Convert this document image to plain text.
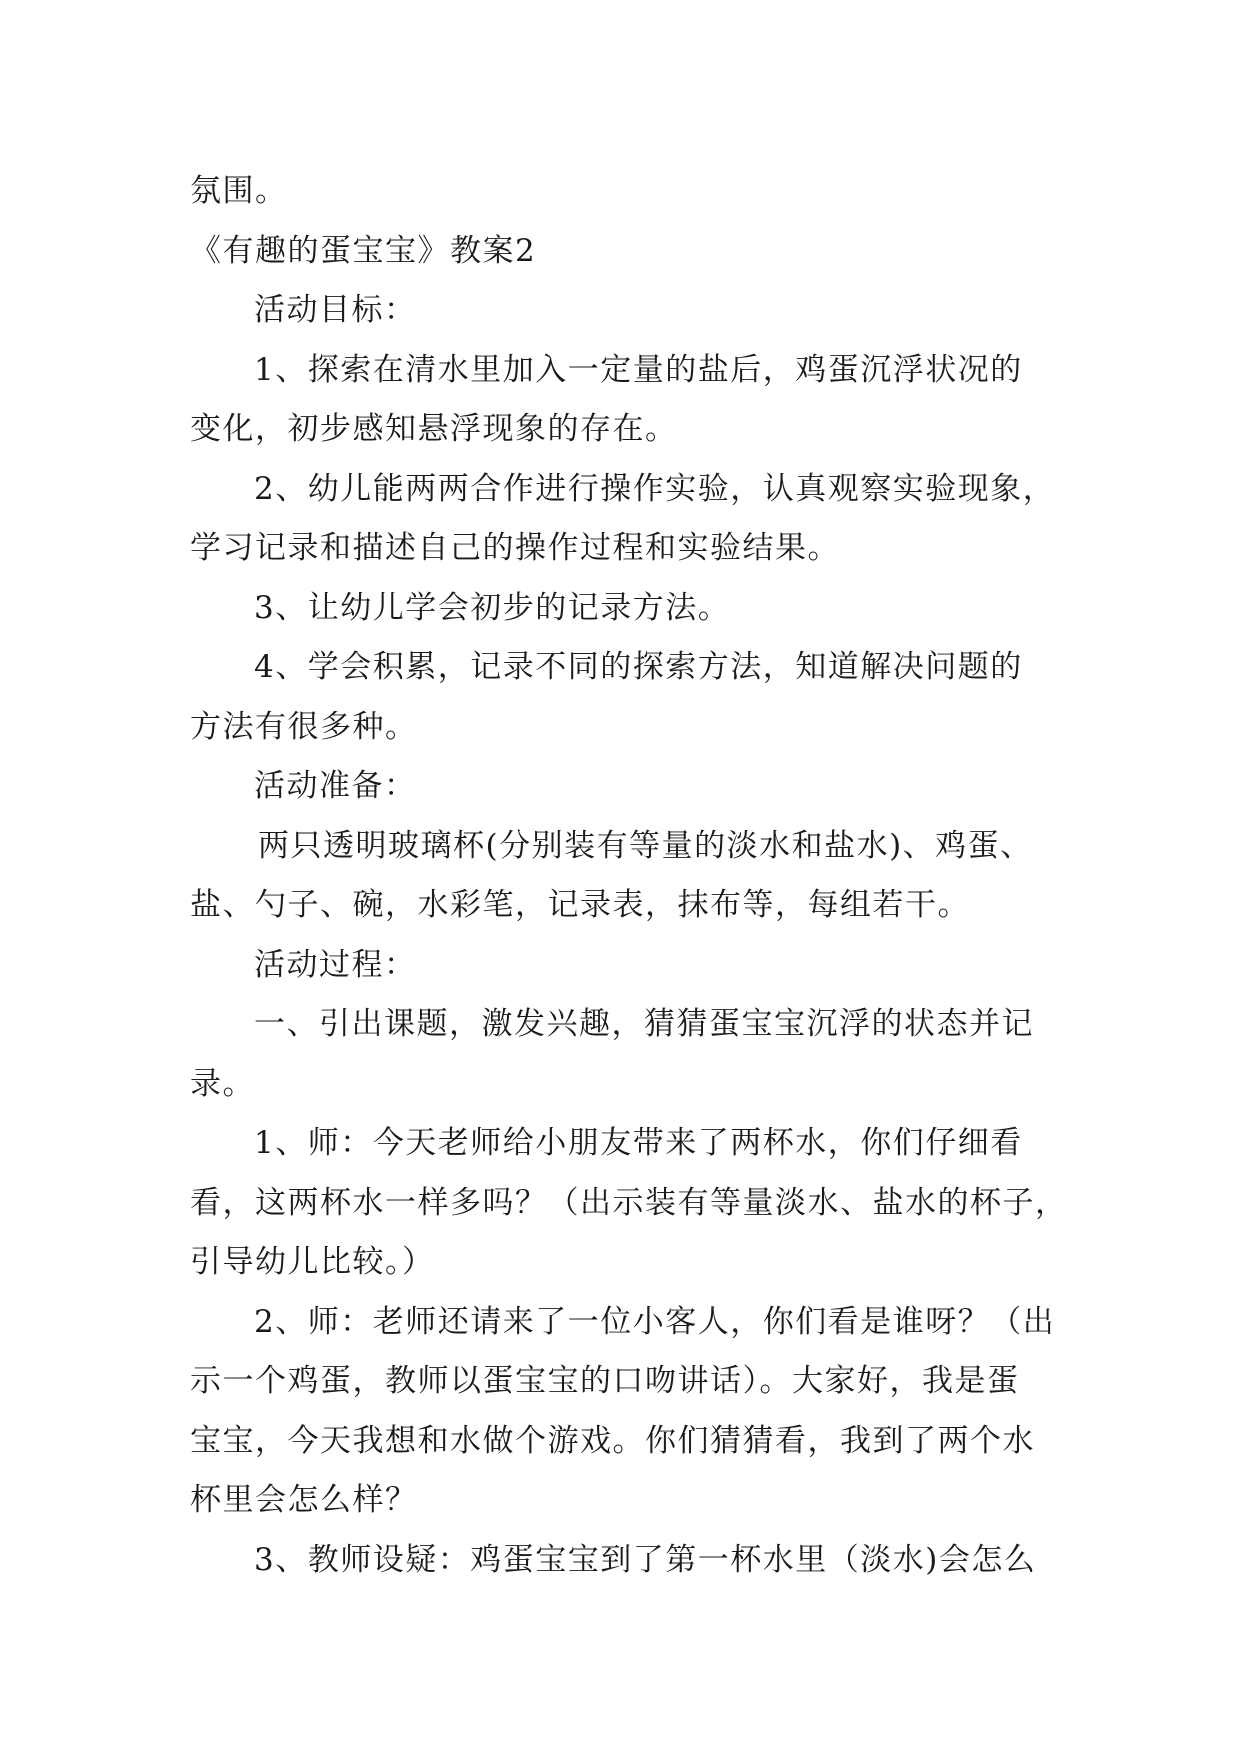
氛围。
《有趣的蛋宝宝》教案2
活动目标：
1、探索在清水里加入一定量的盐后，鸡蛋沉浮状况的
变化，初步感知悬浮现象的存在。
2、幼儿能两两合作进行操作实验，认真观察实验现象，
学习记录和描述自己的操作过程和实验结果。
3、让幼儿学会初步的记录方法。
4、学会积累，记录不同的探索方法，知道解决问题的
方法有很多种。
活动准备：
两只透明玻璃杯(分别装有等量的淡水和盐水)、鸡蛋、
盐、勺子、碗，水彩笔，记录表，抹布等，每组若干。
活动过程：
一、引出课题，激发兴趣，猜猜蛋宝宝沉浮的状态并记
录。
1、师：今天老师给小朋友带来了两杯水，你们仔细看
看，这两杯水一样多吗？（出示装有等量淡水、盐水的杯子，
引导幼儿比较。）
2、师：老师还请来了一位小客人，你们看是谁呀？（出
示一个鸡蛋，教师以蛋宝宝的口吻讲话）。大家好，我是蛋
宝宝，今天我想和水做个游戏。你们猜猜看，我到了两个水
杯里会怎么样？
3、教师设疑：鸡蛋宝宝到了第一杯水里（淡水)会怎么
